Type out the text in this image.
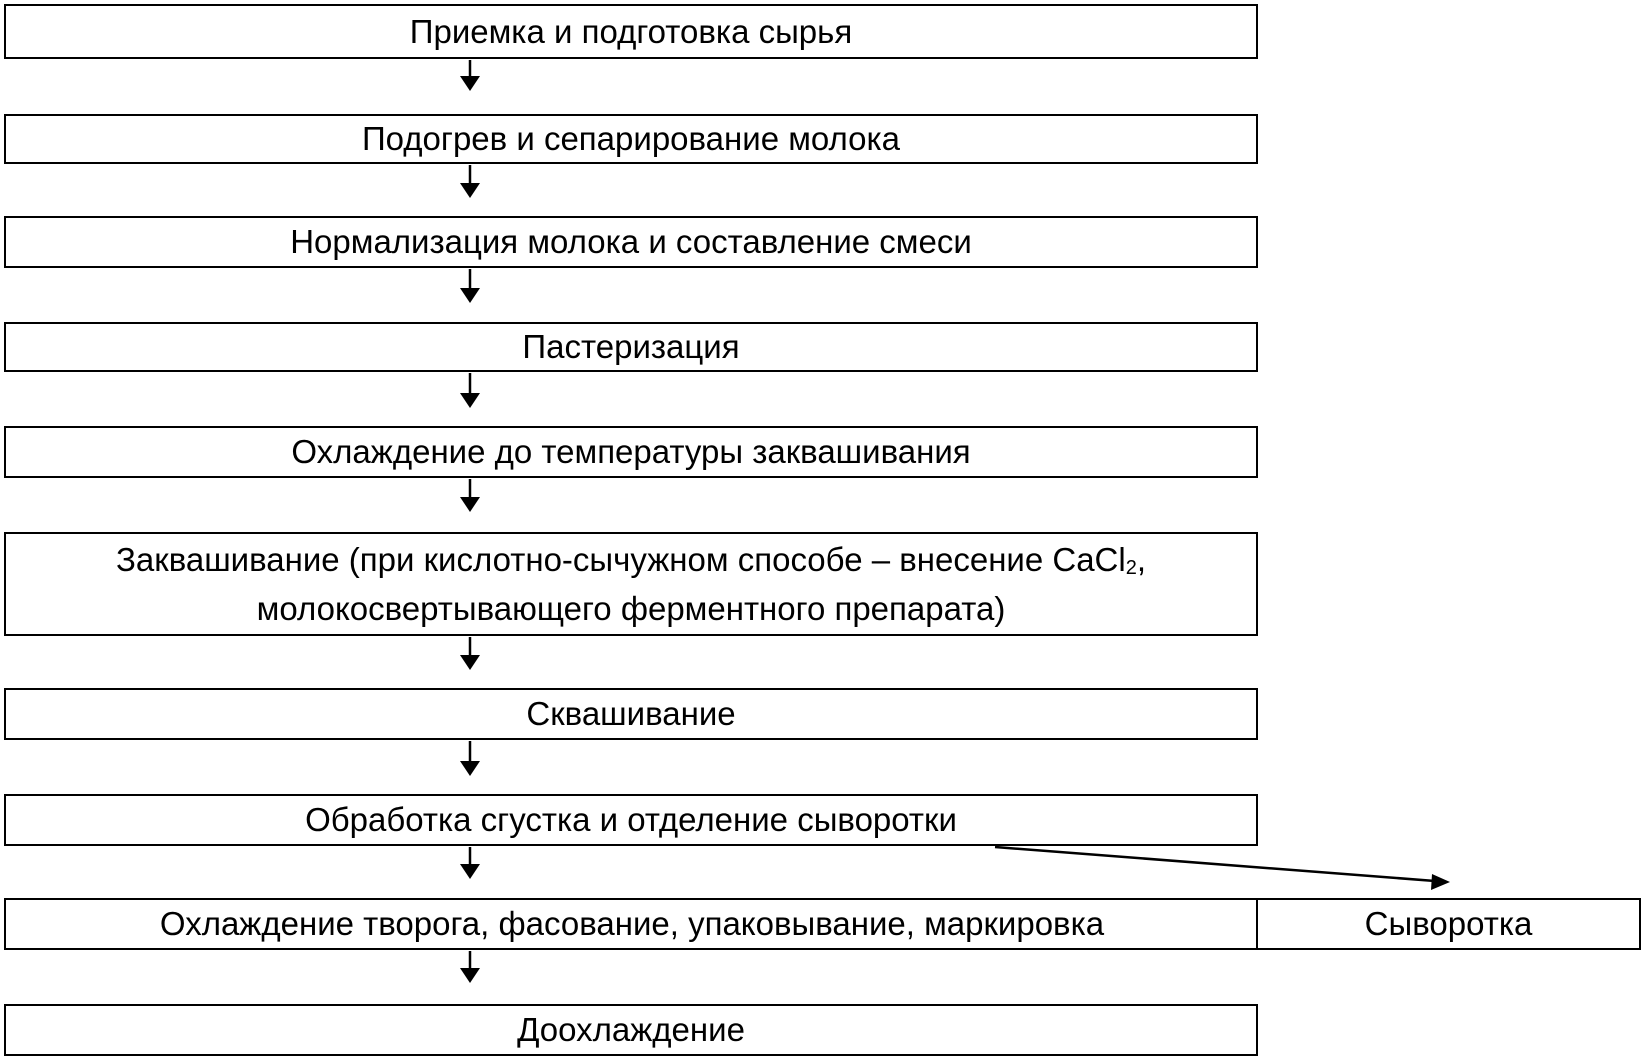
Приемка и подготовка сырья
Подогрев и сепарирование молока
Нормализация молока и составление смеси
Пастеризация
Охлаждение до температуры заквашивания
Заквашивание (при кислотно-сычужном способе – внесение CaCl2,
молокосвертывающего ферментного препарата)
Сквашивание
Обработка сгустка и отделение сыворотки
Охлаждение творога, фасование, упаковывание, маркировка	Сыворотка
Доохлаждение
